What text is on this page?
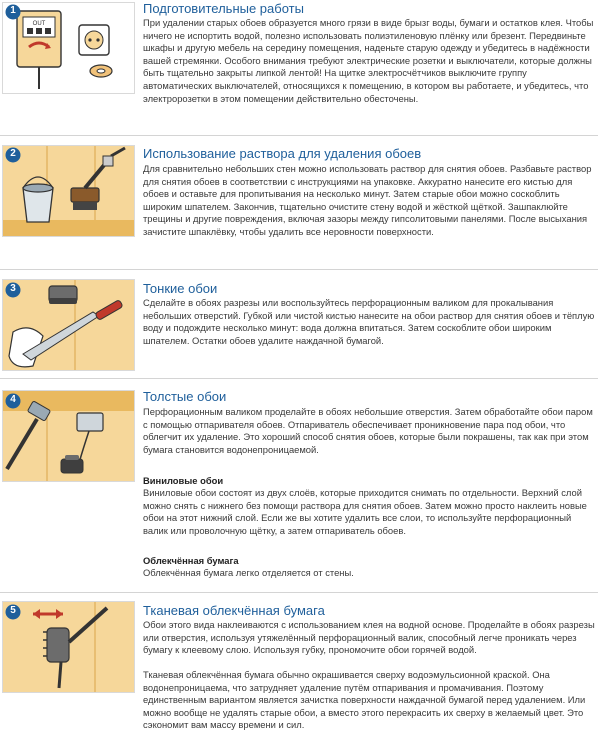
OUT
1	Подготовительные работы

При удалении старых обоев образуется много грязи в виде брызг воды, бумаги и остатков клея. Чтобы ничего не испортить водой, полезно использовать полиэтиленовую плёнку или брезент. Передвиньте шкафы и другую мебель на середину помещения, наденьте старую одежду и убедитесь в надёжности вашей стремянки. Особого внимания требуют электрические розетки и выключатели, которые должны быть тщательно закрыты липкой лентой! На щитке электросчётчиков выключите группу автоматических выключателей, относящихся к помещению, в котором вы работаете, и убедитесь, что электророзетки в этом помещении действительно обесточены.

2	Использование раствора для удаления обоев

Для сравнительно небольших стен можно использовать раствор для снятия обоев. Разбавьте раствор для снятия обоев в соответствии с инструкциями на упаковке. Аккуратно нанесите его кистью для обоев и оставьте для пропитывания на несколько минут. Затем старые обои можно соскоблить широким шпателем. Закончив, тщательно очистите стену водой и жёсткой щёткой. Зашпаклюйте трещины и другие повреждения, включая зазоры между гипсолитовыми панелями. После высыхания зачистите шпаклёвку, чтобы удалить все неровности поверхности.

3	Тонкие обои

Сделайте в обоях разрезы или воспользуйтесь перфорационным валиком для прокалывания небольших отверстий. Губкой или чистой кистью нанесите на обои раствор для снятия обоев и тёплую воду и подождите несколько минут: вода должна впитаться. Затем соскоблите обои широким шпателем. Остатки обоев удалите наждачной бумагой.

4	Толстые обои

Перфорационным валиком проделайте в обоях небольшие отверстия. Затем обработайте обои паром с помощью отпаривателя обоев. Отпариватель обеспечивает проникновение пара под обои, что облегчит их удаление. Это хороший способ снятия обоев, которые были покрашены, так как при этом бумага становится водонепроницаемой.

Виниловые обои

Виниловые обои состоят из двух слоёв, которые приходится снимать по отдельности. Верхний слой можно снять с нижнего без помощи раствора для снятия обоев. Затем можно просто наклеить новые обои на этот нижний слой. Если же вы хотите удалить все слои, то используйте перфорационный валик или проволочную щётку, а затем отпариватель обоев.

Облекчённая бумага

Облекчённая бумага легко отделяется от стены.

5	Тканевая облекчённая бумага

Обои этого вида наклеиваются с использованием клея на водной основе. Проделайте в обоях разрезы или отверстия, используя утяжелённый перфорационный валик, способный легче проникать через бумагу к клеевому слою. Используя губку, прономочите обои горячей водой.

Тканевая облекчённая бумага обычно окрашивается сверху водоэмульсионной краской. Она водонепроницаема, что затрудняет удаление путём отпаривания и промачивания. Поэтому единственным вариантом является зачистка поверхности наждачной бумагой перед удалением. Или можно вообще не удалять старые обои, а вместо этого перекрасить их сверху в желаемый цвет. Это сэкономит вам массу времени и сил.
